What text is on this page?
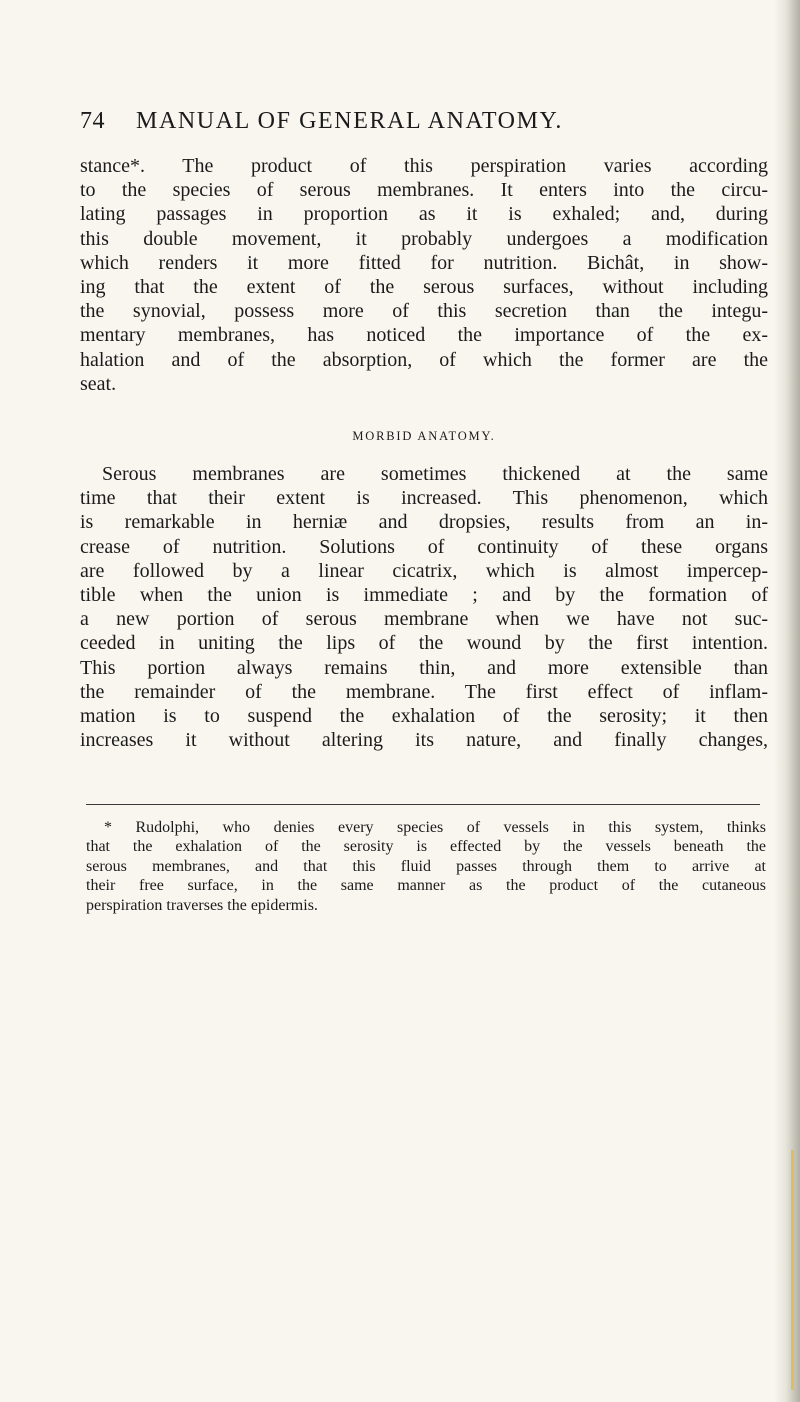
74 MANUAL OF GENERAL ANATOMY.

stance*. The product of this perspiration varies according
to the species of serous membranes. It enters into the circu-
lating passages in proportion as it is exhaled; and, during
this double movement, it probably undergoes a modification
which renders it more fitted for nutrition. Bichât, in show-
ing that the extent of the serous surfaces, without including
the synovial, possess more of this secretion than the integu-
mentary membranes, has noticed the importance of the ex-
halation and of the absorption, of which the former are the
seat.

MORBID ANATOMY.

Serous membranes are sometimes thickened at the same
time that their extent is increased. This phenomenon, which
is remarkable in herniæ and dropsies, results from an in-
crease of nutrition. Solutions of continuity of these organs
are followed by a linear cicatrix, which is almost impercep-
tible when the union is immediate ; and by the formation of
a new portion of serous membrane when we have not suc-
ceeded in uniting the lips of the wound by the first intention.
This portion always remains thin, and more extensible than
the remainder of the membrane. The first effect of inflam-
mation is to suspend the exhalation of the serosity; it then
increases it without altering its nature, and finally changes,

* Rudolphi, who denies every species of vessels in this system, thinks
that the exhalation of the serosity is effected by the vessels beneath the
serous membranes, and that this fluid passes through them to arrive at
their free surface, in the same manner as the product of the cutaneous
perspiration traverses the epidermis.
